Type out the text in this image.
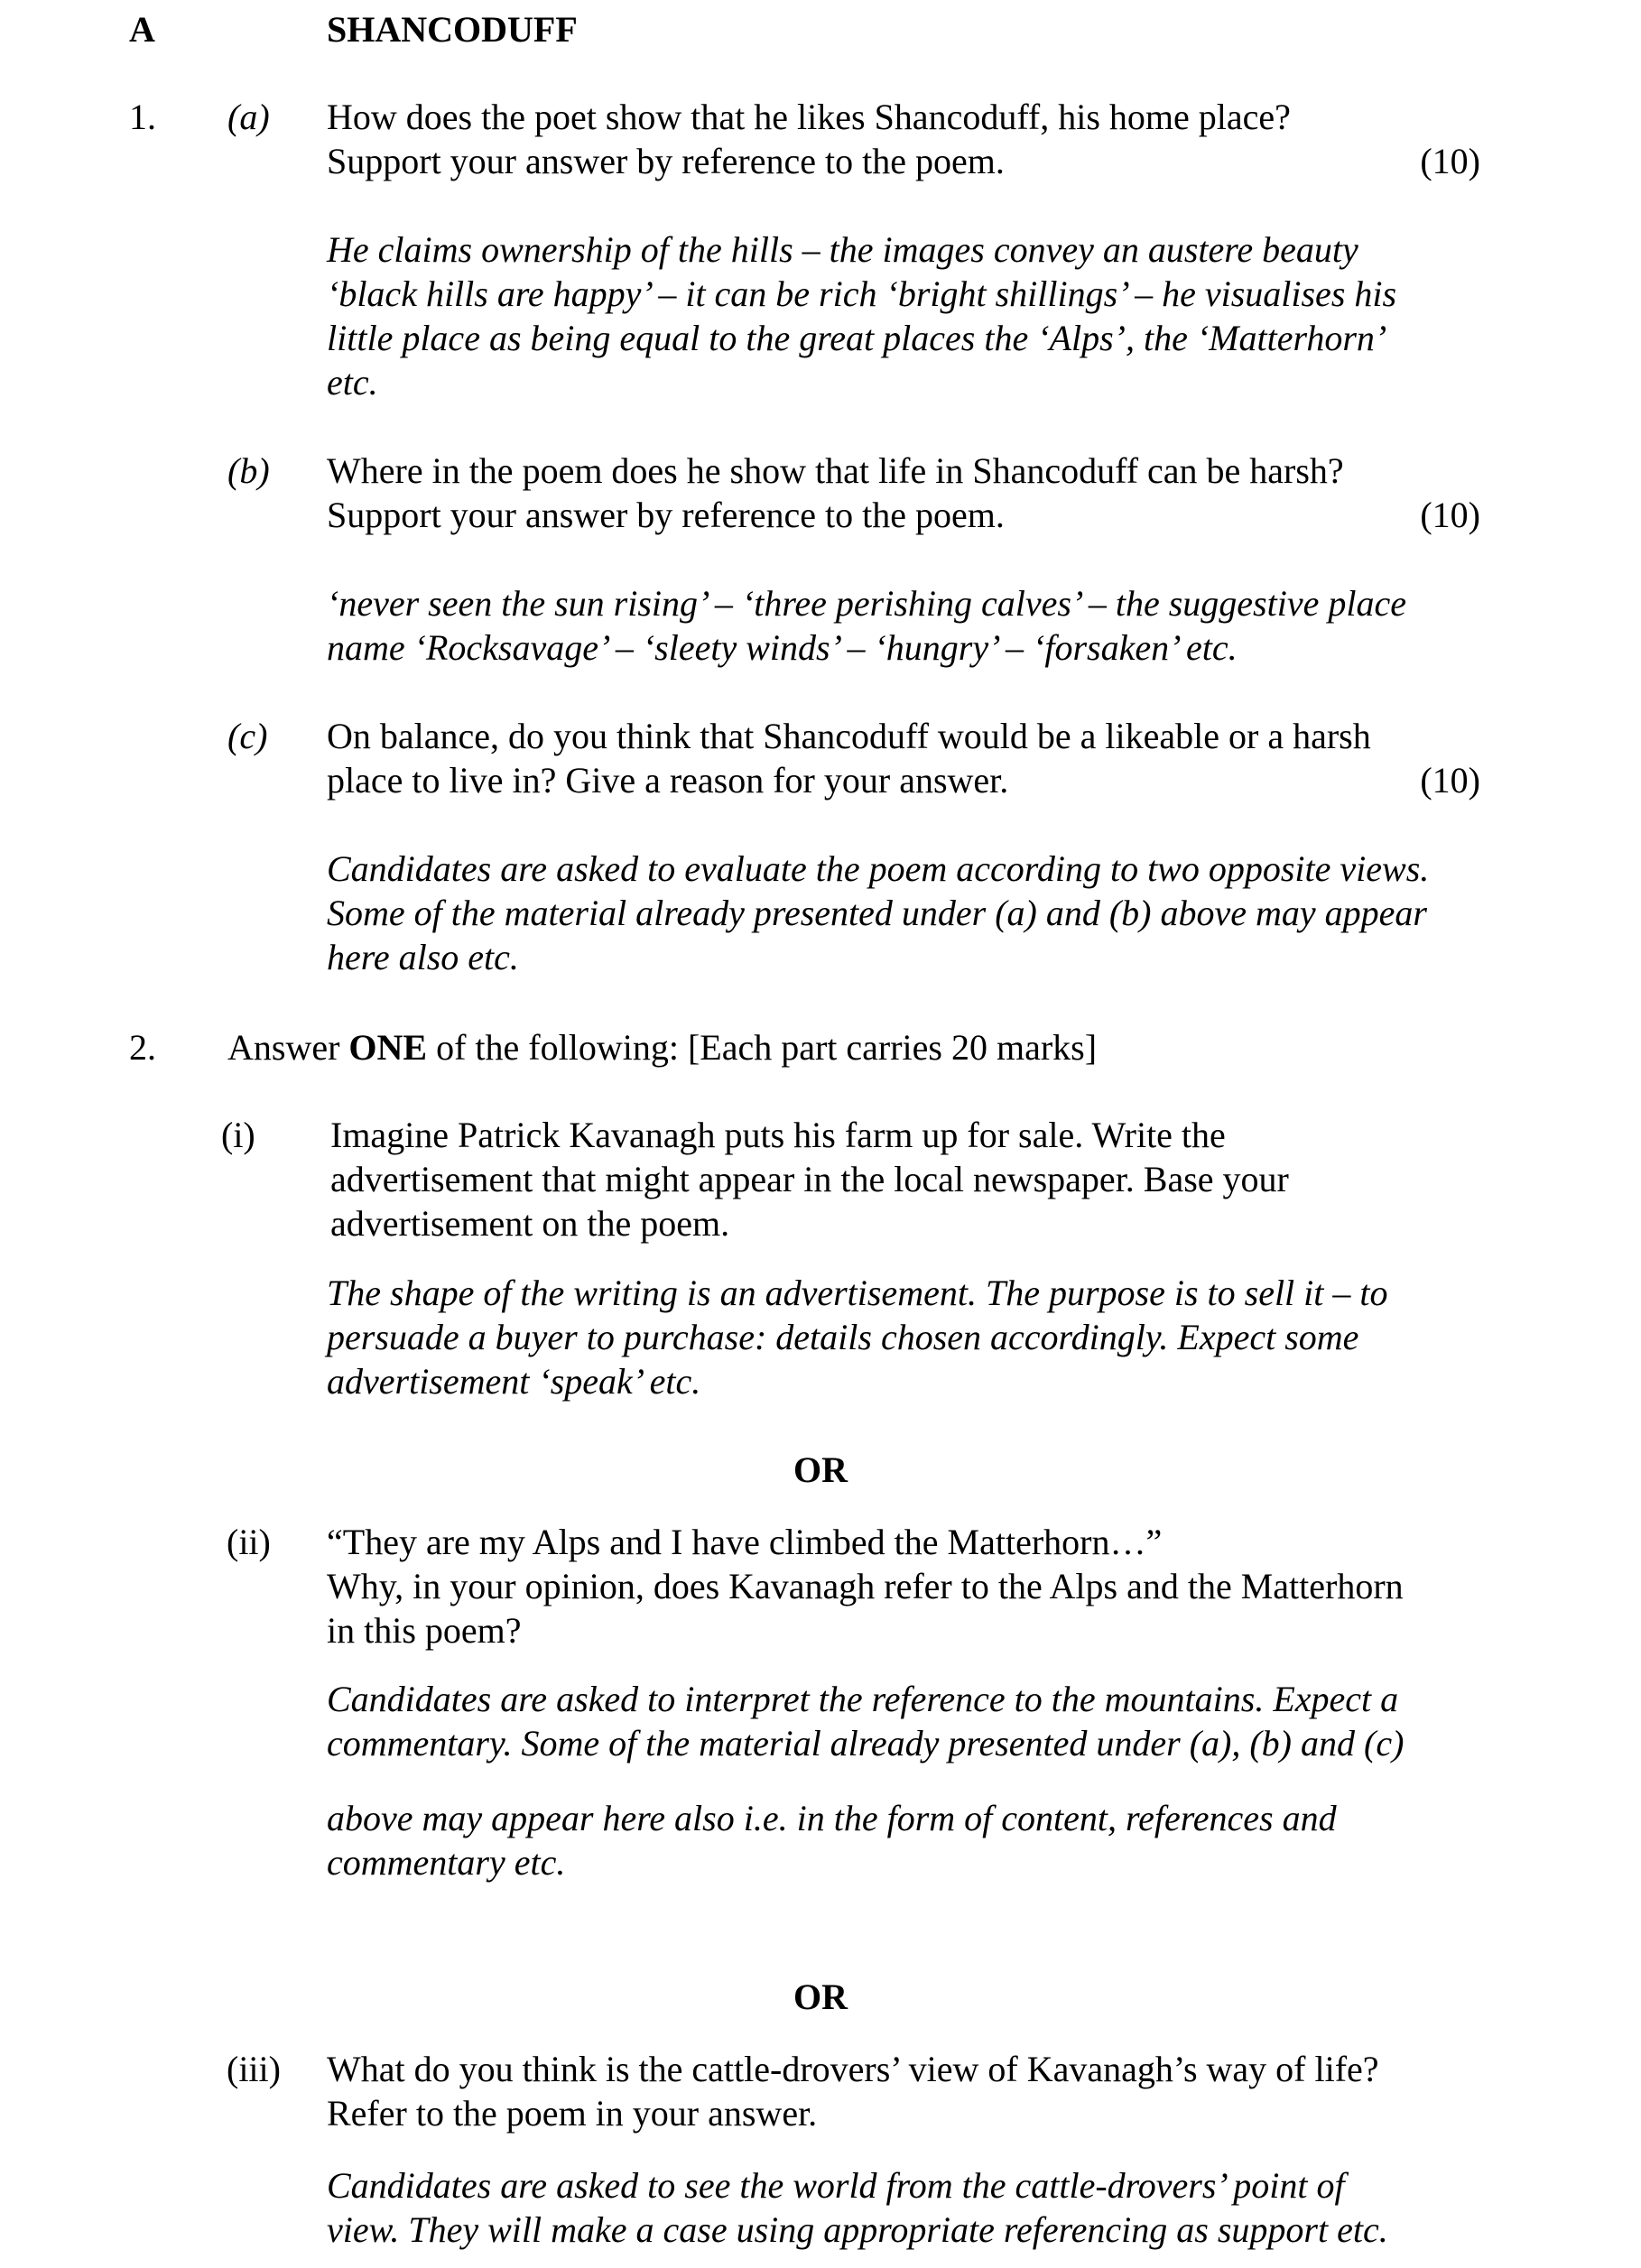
A	SHANCODUFF
1. (a) How does the poet show that he likes Shancoduff, his home place?
Support your answer by reference to the poem.	(10)
He claims ownership of the hills – the images convey an austere beauty
‘black hills are happy’ – it can be rich ‘bright shillings’ – he visualises his
little place as being equal to the great places the ‘Alps’, the ‘Matterhorn’
etc.
(b) Where in the poem does he show that life in Shancoduff can be harsh?
Support your answer by reference to the poem.	(10)
‘never seen the sun rising’ – ‘three perishing calves’ – the suggestive place
name ‘Rocksavage’ – ‘sleety winds’ – ‘hungry’ – ‘forsaken’ etc.
(c) On balance, do you think that Shancoduff would be a likeable or a harsh
place to live in? Give a reason for your answer.	(10)
Candidates are asked to evaluate the poem according to two opposite views.
Some of the material already presented under (a) and (b) above may appear
here also etc.
2. Answer ONE of the following: [Each part carries 20 marks]
(i) Imagine Patrick Kavanagh puts his farm up for sale. Write the
advertisement that might appear in the local newspaper. Base your
advertisement on the poem.
The shape of the writing is an advertisement. The purpose is to sell it – to
persuade a buyer to purchase: details chosen accordingly. Expect some
advertisement ‘speak’ etc.
OR
(ii) “They are my Alps and I have climbed the Matterhorn…”
Why, in your opinion, does Kavanagh refer to the Alps and the Matterhorn
in this poem?
Candidates are asked to interpret the reference to the mountains. Expect a
commentary. Some of the material already presented under (a), (b) and (c)
above may appear here also i.e. in the form of content, references and
commentary etc.
OR
(iii) What do you think is the cattle-drovers’ view of Kavanagh’s way of life?
Refer to the poem in your answer.
Candidates are asked to see the world from the cattle-drovers’ point of
view. They will make a case using appropriate referencing as support etc.
